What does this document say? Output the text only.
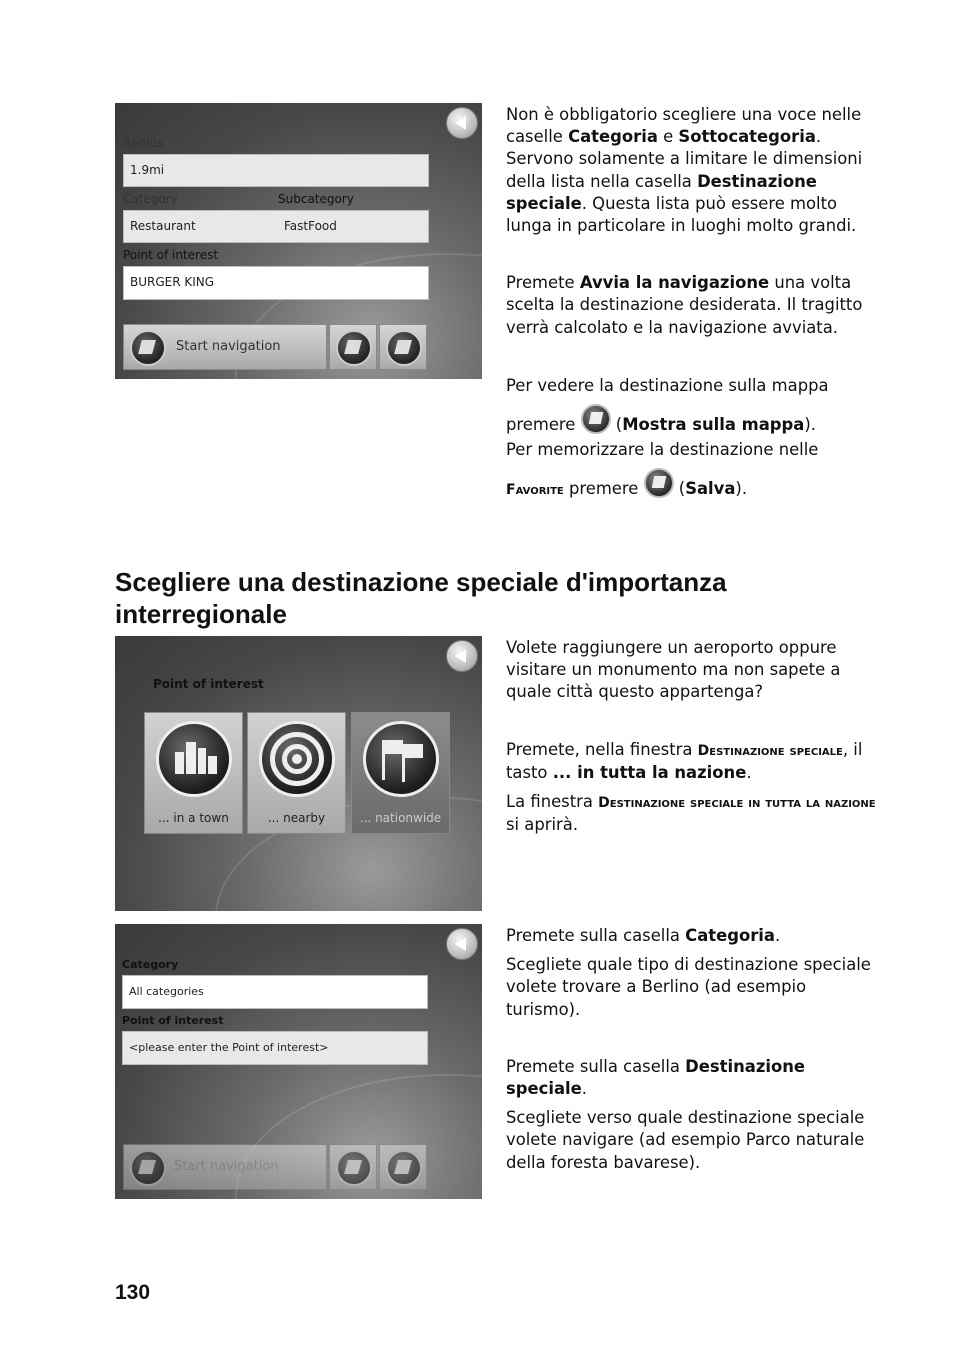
Radius
1.9mi
Category	Subcategory
Restaurant	FastFood
Point of interest
BURGER KING
Start navigation

Non è obbligatorio scegliere una voce nelle caselle Categoria e Sottocategoria. Servono solamente a limitare le dimensioni della lista nella casella Destinazione speciale. Questa lista può essere molto lunga in particolare in luoghi molto grandi.

Premete Avvia la navigazione una volta scelta la destinazione desiderata. Il tragitto verrà calcolato e la navigazione avviata.

Per vedere la destinazione sulla mappa

premere  (Mostra sulla mappa).

Per memorizzare la destinazione nelle

Favorite premere  (Salva).

Scegliere una destinazione speciale d'importanza interregionale
Point of interest
... in a town	... nearby	... nationwide

Volete raggiungere un aeroporto oppure visitare un monumento ma non sapete a quale città questo appartenga?

Premete, nella finestra Destinazione speciale, il tasto ... in tutta la nazione.

La finestra Destinazione speciale in tutta la nazione si aprirà.

Category
All categories
Point of interest
<please enter the Point of interest>
Start navigation

Premete sulla casella Categoria.

Scegliete quale tipo di destinazione speciale volete trovare a Berlino (ad esempio turismo).

Premete sulla casella Destinazione speciale.

Scegliete verso quale destinazione speciale volete navigare (ad esempio Parco naturale della foresta bavarese).

130
